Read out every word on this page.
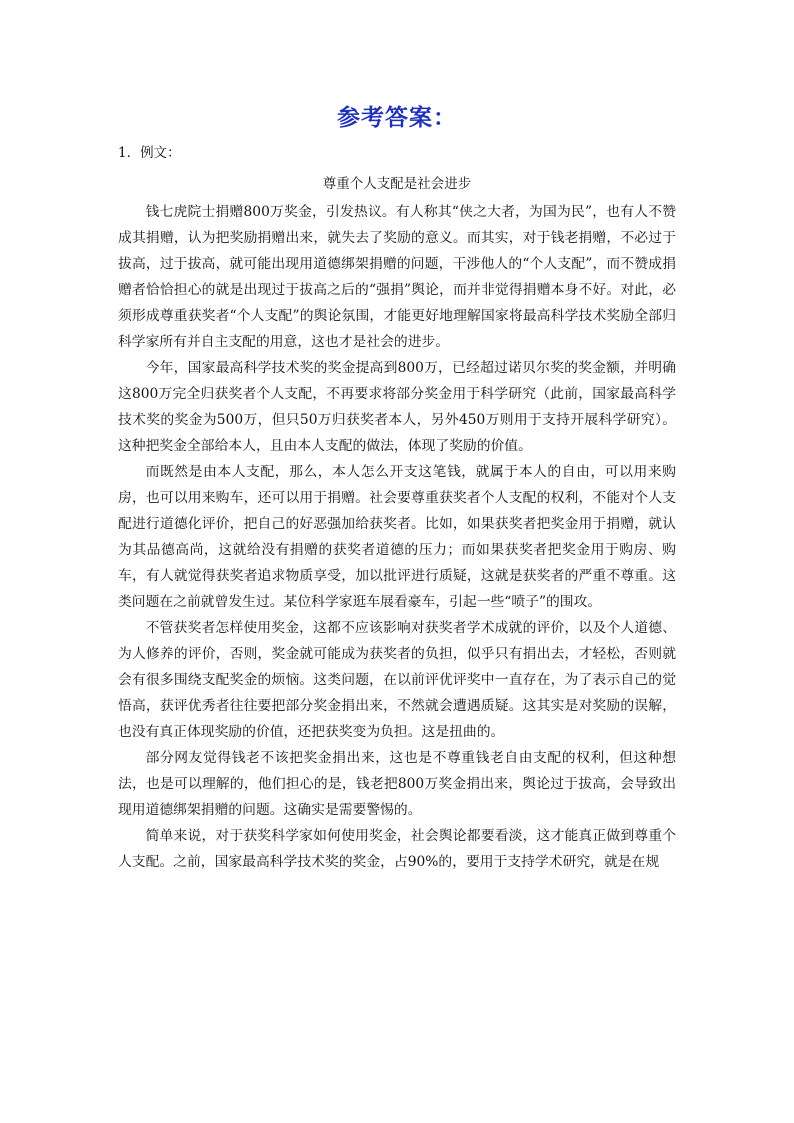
参考答案：
1．例文：
尊重个人支配是社会进步

钱七虎院士捐赠800万奖金，引发热议。有人称其“侠之大者，为国为民”，也有人不赞成其捐赠，认为把奖励捐赠出来，就失去了奖励的意义。而其实，对于钱老捐赠，不必过于拔高，过于拔高，就可能出现用道德绑架捐赠的问题，干涉他人的“个人支配”，而不赞成捐赠者恰恰担心的就是出现过于拔高之后的“强捐”舆论，而并非觉得捐赠本身不好。对此，必须形成尊重获奖者“个人支配”的舆论氛围，才能更好地理解国家将最高科学技术奖励全部归科学家所有并自主支配的用意，这也才是社会的进步。

今年，国家最高科学技术奖的奖金提高到800万，已经超过诺贝尔奖的奖金额，并明确这800万完全归获奖者个人支配，不再要求将部分奖金用于科学研究（此前，国家最高科学技术奖的奖金为500万，但只50万归获奖者本人，另外450万则用于支持开展科学研究）。这种把奖金全部给本人，且由本人支配的做法，体现了奖励的价值。

而既然是由本人支配，那么，本人怎么开支这笔钱，就属于本人的自由，可以用来购房，也可以用来购车，还可以用于捐赠。社会要尊重获奖者个人支配的权利，不能对个人支配进行道德化评价，把自己的好恶强加给获奖者。比如，如果获奖者把奖金用于捐赠，就认为其品德高尚，这就给没有捐赠的获奖者道德的压力；而如果获奖者把奖金用于购房、购车，有人就觉得获奖者追求物质享受，加以批评进行质疑，这就是获奖者的严重不尊重。这类问题在之前就曾发生过。某位科学家逛车展看豪车，引起一些“喷子”的围攻。

不管获奖者怎样使用奖金，这都不应该影响对获奖者学术成就的评价，以及个人道德、为人修养的评价，否则，奖金就可能成为获奖者的负担，似乎只有捐出去，才轻松，否则就会有很多围绕支配奖金的烦恼。这类问题，在以前评优评奖中一直存在，为了表示自己的觉悟高，获评优秀者往往要把部分奖金捐出来，不然就会遭遇质疑。这其实是对奖励的误解，也没有真正体现奖励的价值，还把获奖变为负担。这是扭曲的。

部分网友觉得钱老不该把奖金捐出来，这也是不尊重钱老自由支配的权利，但这种想法，也是可以理解的，他们担心的是，钱老把800万奖金捐出来，舆论过于拔高，会导致出现用道德绑架捐赠的问题。这确实是需要警惕的。

简单来说，对于获奖科学家如何使用奖金，社会舆论都要看淡，这才能真正做到尊重个人支配。之前，国家最高科学技术奖的奖金，占90%的，要用于支持学术研究，就是在规
